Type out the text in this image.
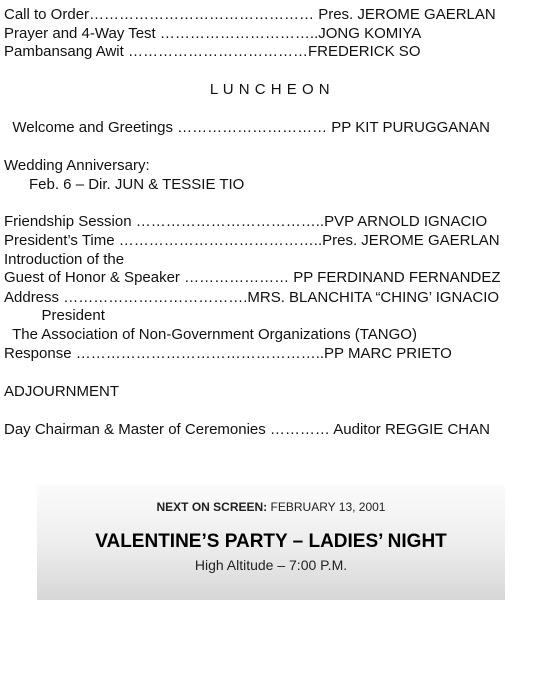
Call to Order……………………………………… Pres. JEROME GAERLAN
Prayer and 4-Way Test …………………………..JONG KOMIYA
Pambansang Awit ………………………………FREDERICK SO
L U N C H E O N
Welcome and Greetings ………………………… PP KIT PURUGGANAN
Wedding Anniversary:
Feb. 6 – Dir. JUN & TESSIE TIO
Friendship Session ………………………………..PVP ARNOLD IGNACIO
President’s Time …………………………………..Pres. JEROME GAERLAN
Introduction of the
Guest of Honor & Speaker ………………… PP FERDINAND FERNANDEZ
Address ……………………………….MRS. BLANCHITA “CHING’ IGNACIO
President
The Association of Non-Government Organizations (TANGO)
Response …………………………………………..PP MARC PRIETO
ADJOURNMENT
Day Chairman & Master of Ceremonies ………… Auditor REGGIE CHAN
NEXT ON SCREEN: FEBRUARY 13, 2001
VALENTINE’S PARTY – LADIES’ NIGHT
High Altitude – 7:00 P.M.
